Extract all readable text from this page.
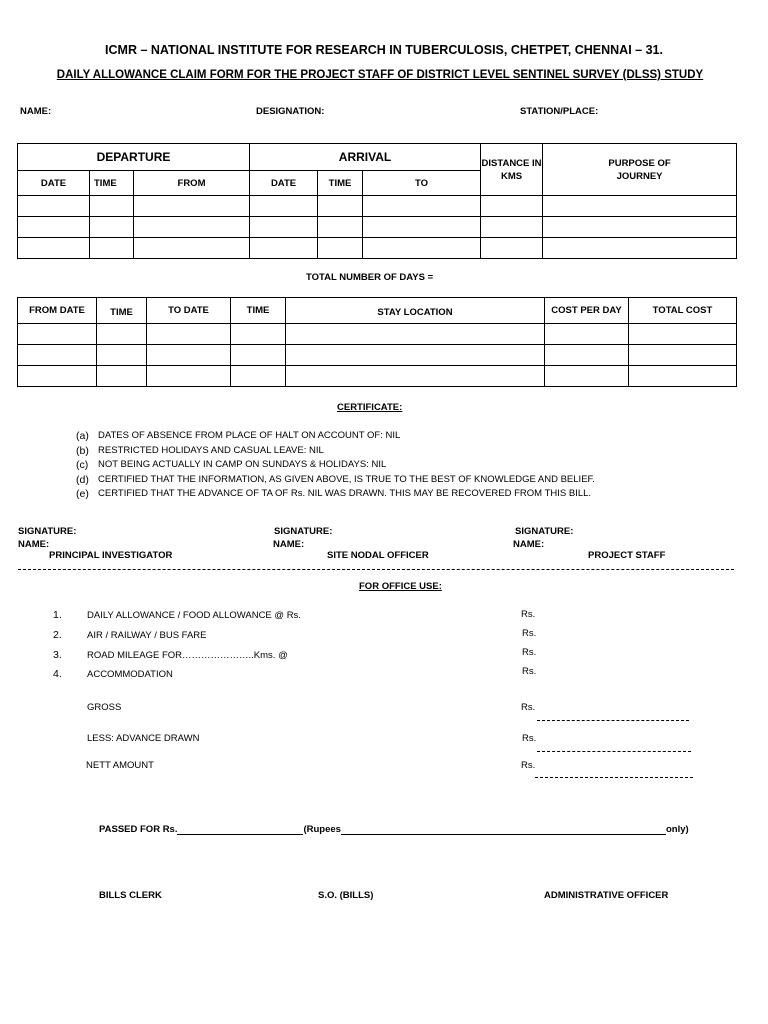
ICMR – NATIONAL INSTITUTE FOR RESEARCH IN TUBERCULOSIS, CHETPET, CHENNAI – 31.
DAILY ALLOWANCE CLAIM FORM FOR THE PROJECT STAFF OF DISTRICT LEVEL SENTINEL SURVEY (DLSS) STUDY
NAME:	DESIGNATION:	STATION/PLACE:
DEPARTURE			ARRIVAL			DISTANCE IN KMS	PURPOSE OF JOURNEY
DATE	TIME	FROM	DATE	TIME	TO		

TOTAL NUMBER OF DAYS =
FROM DATE	TIME	TO DATE	TIME	STAY LOCATION	COST PER DAY	TOTAL COST

CERTIFICATE:
(a) DATES OF ABSENCE FROM PLACE OF HALT ON ACCOUNT OF: NIL
(b) RESTRICTED HOLIDAYS AND CASUAL LEAVE: NIL
(c)	NOT BEING ACTUALLY IN CAMP ON SUNDAYS & HOLIDAYS: NIL
(d) CERTIFIED THAT THE INFORMATION, AS GIVEN ABOVE, IS TRUE TO THE BEST OF KNOWLEDGE AND BELIEF.
(e) CERTIFIED THAT THE ADVANCE OF TA OF Rs. NIL WAS DRAWN. THIS MAY BE RECOVERED FROM THIS BILL.
SIGNATURE:
NAME:
PRINCIPAL INVESTIGATOR
SIGNATURE:
NAME:
SITE NODAL OFFICER
SIGNATURE:
NAME:
PROJECT STAFF
FOR OFFICE USE:
1.	DAILY ALLOWANCE / FOOD ALLOWANCE @ Rs.	Rs.
2.	AIR / RAILWAY / BUS FARE	Rs.
3.	ROAD MILEAGE FOR…………………..Kms. @	Rs.
4.	ACCOMMODATION	Rs.
GROSS	Rs.
LESS: ADVANCE DRAWN	Rs.
NETT AMOUNT	Rs.
PASSED FOR Rs.	(Rupees	only)
BILLS CLERK	S.O. (BILLS)	ADMINISTRATIVE OFFICER
